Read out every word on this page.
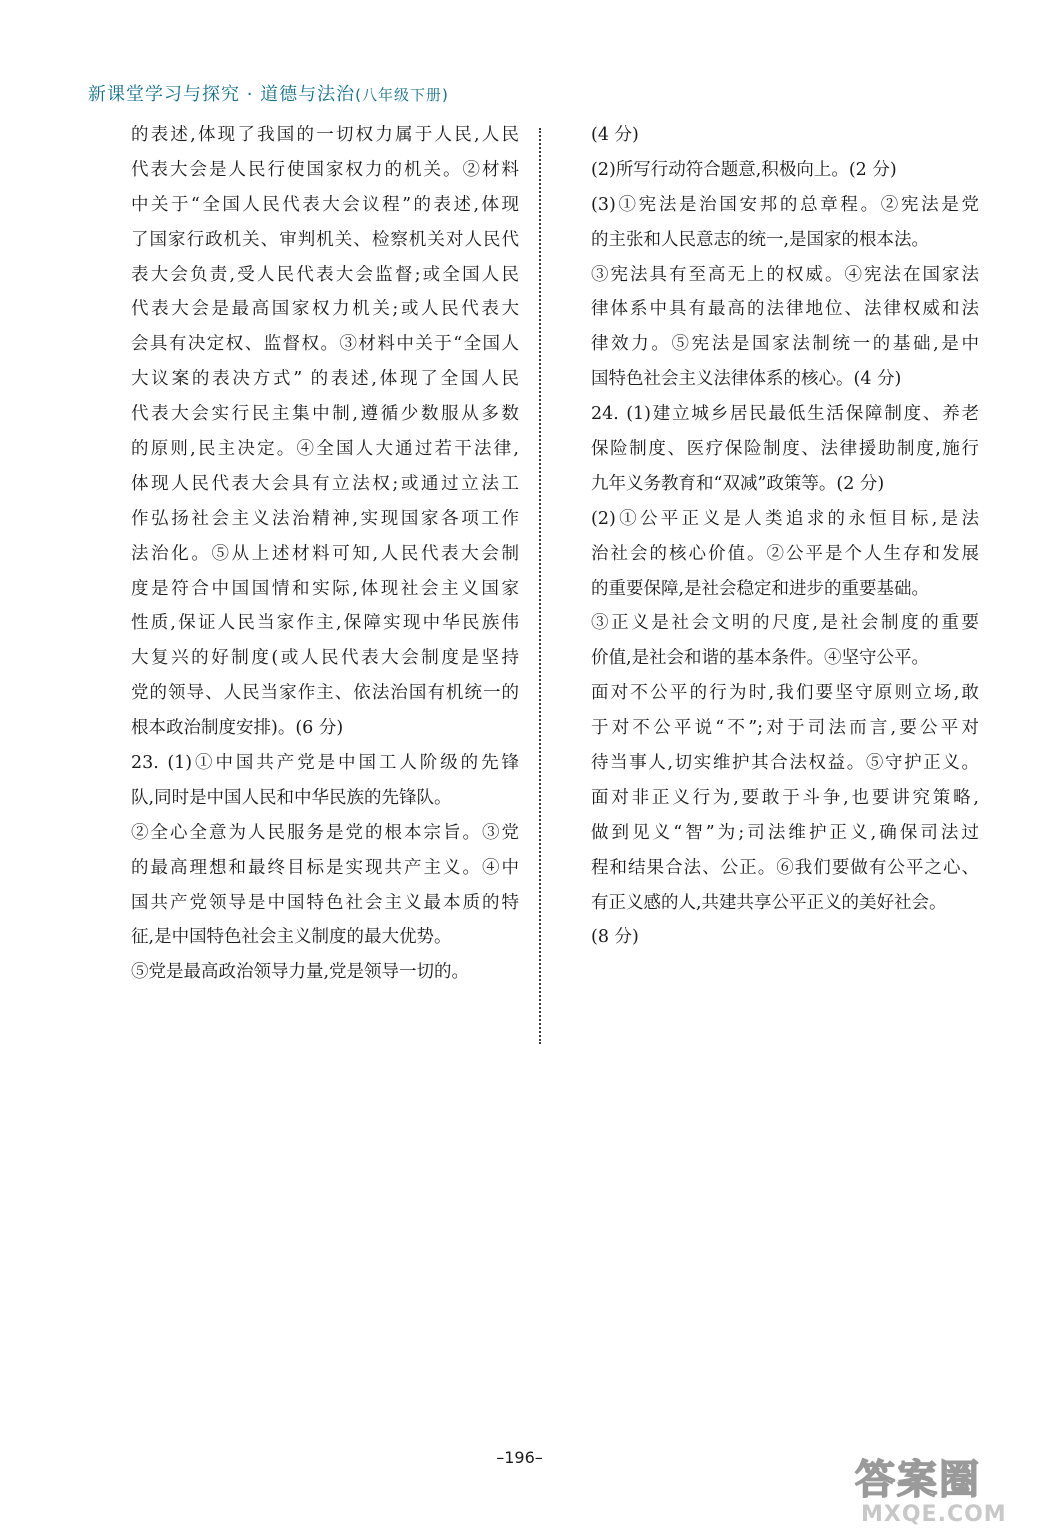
新课堂学习与探究 · 道德与法治(八年级下册)
的表述,体现了我国的一切权力属于人民,人民
代表大会是人民行使国家权力的机关。②材料
中关于“全国人民代表大会议程”的表述,体现
了国家行政机关、审判机关、检察机关对人民代
表大会负责,受人民代表大会监督;或全国人民
代表大会是最高国家权力机关;或人民代表大
会具有决定权、监督权。③材料中关于“全国人
大议案的表决方式” 的表述,体现了全国人民
代表大会实行民主集中制,遵循少数服从多数
的原则,民主决定。④全国人大通过若干法律,
体现人民代表大会具有立法权;或通过立法工
作弘扬社会主义法治精神,实现国家各项工作
法治化。⑤从上述材料可知,人民代表大会制
度是符合中国国情和实际,体现社会主义国家
性质,保证人民当家作主,保障实现中华民族伟
大复兴的好制度(或人民代表大会制度是坚持
党的领导、人民当家作主、依法治国有机统一的
根本政治制度安排)。(6 分)
23. (1)①中国共产党是中国工人阶级的先锋
队,同时是中国人民和中华民族的先锋队。
②全心全意为人民服务是党的根本宗旨。③党
的最高理想和最终目标是实现共产主义。④中
国共产党领导是中国特色社会主义最本质的特
征,是中国特色社会主义制度的最大优势。
⑤党是最高政治领导力量,党是领导一切的。
(4 分)
(2)所写行动符合题意,积极向上。(2 分)
(3)①宪法是治国安邦的总章程。②宪法是党
的主张和人民意志的统一,是国家的根本法。
③宪法具有至高无上的权威。④宪法在国家法
律体系中具有最高的法律地位、法律权威和法
律效力。⑤宪法是国家法制统一的基础,是中
国特色社会主义法律体系的核心。(4 分)
24. (1)建立城乡居民最低生活保障制度、养老
保险制度、医疗保险制度、法律援助制度,施行
九年义务教育和“双减”政策等。(2 分)
(2)①公平正义是人类追求的永恒目标,是法
治社会的核心价值。②公平是个人生存和发展
的重要保障,是社会稳定和进步的重要基础。
③正义是社会文明的尺度,是社会制度的重要
价值,是社会和谐的基本条件。④坚守公平。
面对不公平的行为时,我们要坚守原则立场,敢
于对不公平说“不”;对于司法而言,要公平对
待当事人,切实维护其合法权益。⑤守护正义。
面对非正义行为,要敢于斗争,也要讲究策略,
做到见义“智”为;司法维护正义,确保司法过
程和结果合法、公正。⑥我们要做有公平之心、
有正义感的人,共建共享公平正义的美好社会。
(8 分)
–196–	答案圈
MXQE.COM
